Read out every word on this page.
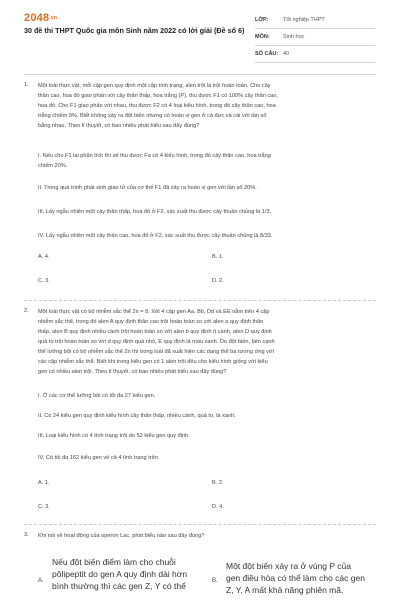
2048.vn
30 đề thi THPT Quốc gia môn Sinh năm 2022 có lời giải (Đề số 6)
LỚP:	Tốt nghiệp THPT
MÔN:	Sinh học
SỐ CÂU: 40
1. Một loài thực vật, mỗi cặp gen quy định một cặp tính trạng, alen trội là trội hoàn toàn. Cho cây
thân cao, hoa đỏ giao phấn với cây thân thấp, hoa trắng (P), thu được F1 có 100% cây thân cao,
hoa đỏ. Cho F1 giao phấn với nhau, thu được F2 có 4 loại kiểu hình, trong đó cây thân cao, hoa
trắng chiếm 9%. Biết không xảy ra đột biến nhưng có hoán vị gen ở cả đực và cái với tần số
bằng nhau. Theo lí thuyết, có bao nhiêu phát biểu sau đây đúng?
I. Nếu cho F1 lai phân tích thì sẽ thu được Fa có 4 kiểu hình, trong đó cây thân cao, hoa trắng
chiếm 20%.
II. Trong quá trình phát sinh giao tử của cơ thể F1 đã xảy ra hoán vị gen với tần số 20%.
III. Lấy ngẫu nhiên một cây thân thấp, hoa đỏ ở F2, xác suất thu được cây thuần chủng là 1/3.
IV. Lấy ngẫu nhiên một cây thân cao, hoa đỏ ở F2, xác suất thu được cây thuần chủng là 8/33.
A. 4.	B. 1.
C. 3.	D. 2.
2. Một loài thực vật có bộ nhiễm sắc thể 2n = 8. Xét 4 cặp gen Aa, Bb, Dd và EE nằm trên 4 cặp
nhiễm sắc thể, trong đó alen A quy định thân cao trội hoàn toàn so với alen a quy định thân
thấp, alen B quy định nhiều cành trội hoàn toàn so với alen b quy định ít cành, alen D quy định
quả to trội hoàn toàn so với d quy định quả nhỏ, E quy định lá màu xanh. Do đột biến, bên cạnh
thể lưỡng bội có bộ nhiễm sắc thể 2n thì trong loài đã xuất hiện các dạng thể ba tương ứng với
các cặp nhiễm sắc thể. Biết khi trong kiểu gen có 1 alen trội đều cho kiểu hình giống với kiểu
gen có nhiều alen trội. Theo lí thuyết, có bao nhiêu phát biểu sau đây đúng?
I. Ở các cơ thể lưỡng bội có tối đa 27 kiểu gen.
II. Có 24 kiểu gen quy định kiểu hình cây thân thấp, nhiều cành, quả to, lá xanh.
III. Loại kiểu hình có 4 tính trạng trội do 52 kiểu gen quy định.
IV. Có tối đa 162 kiểu gen về cả 4 tính trạng trên.
A. 1.	B. 2.
C. 3.	D. 4.
3. Khi nói về hoạt động của operon Lac, phát biểu nào sau đây đúng?
A.
Nếu đột biến điểm làm cho chuỗi
pôlipeptit do gen A quy định dài hơn
bình thường thì các gen Z, Y có thể	B.
Một đột biến xảy ra ở vùng P của
gen điều hòa có thể làm cho các gen
Z, Y, A mất khả năng phiên mã.
